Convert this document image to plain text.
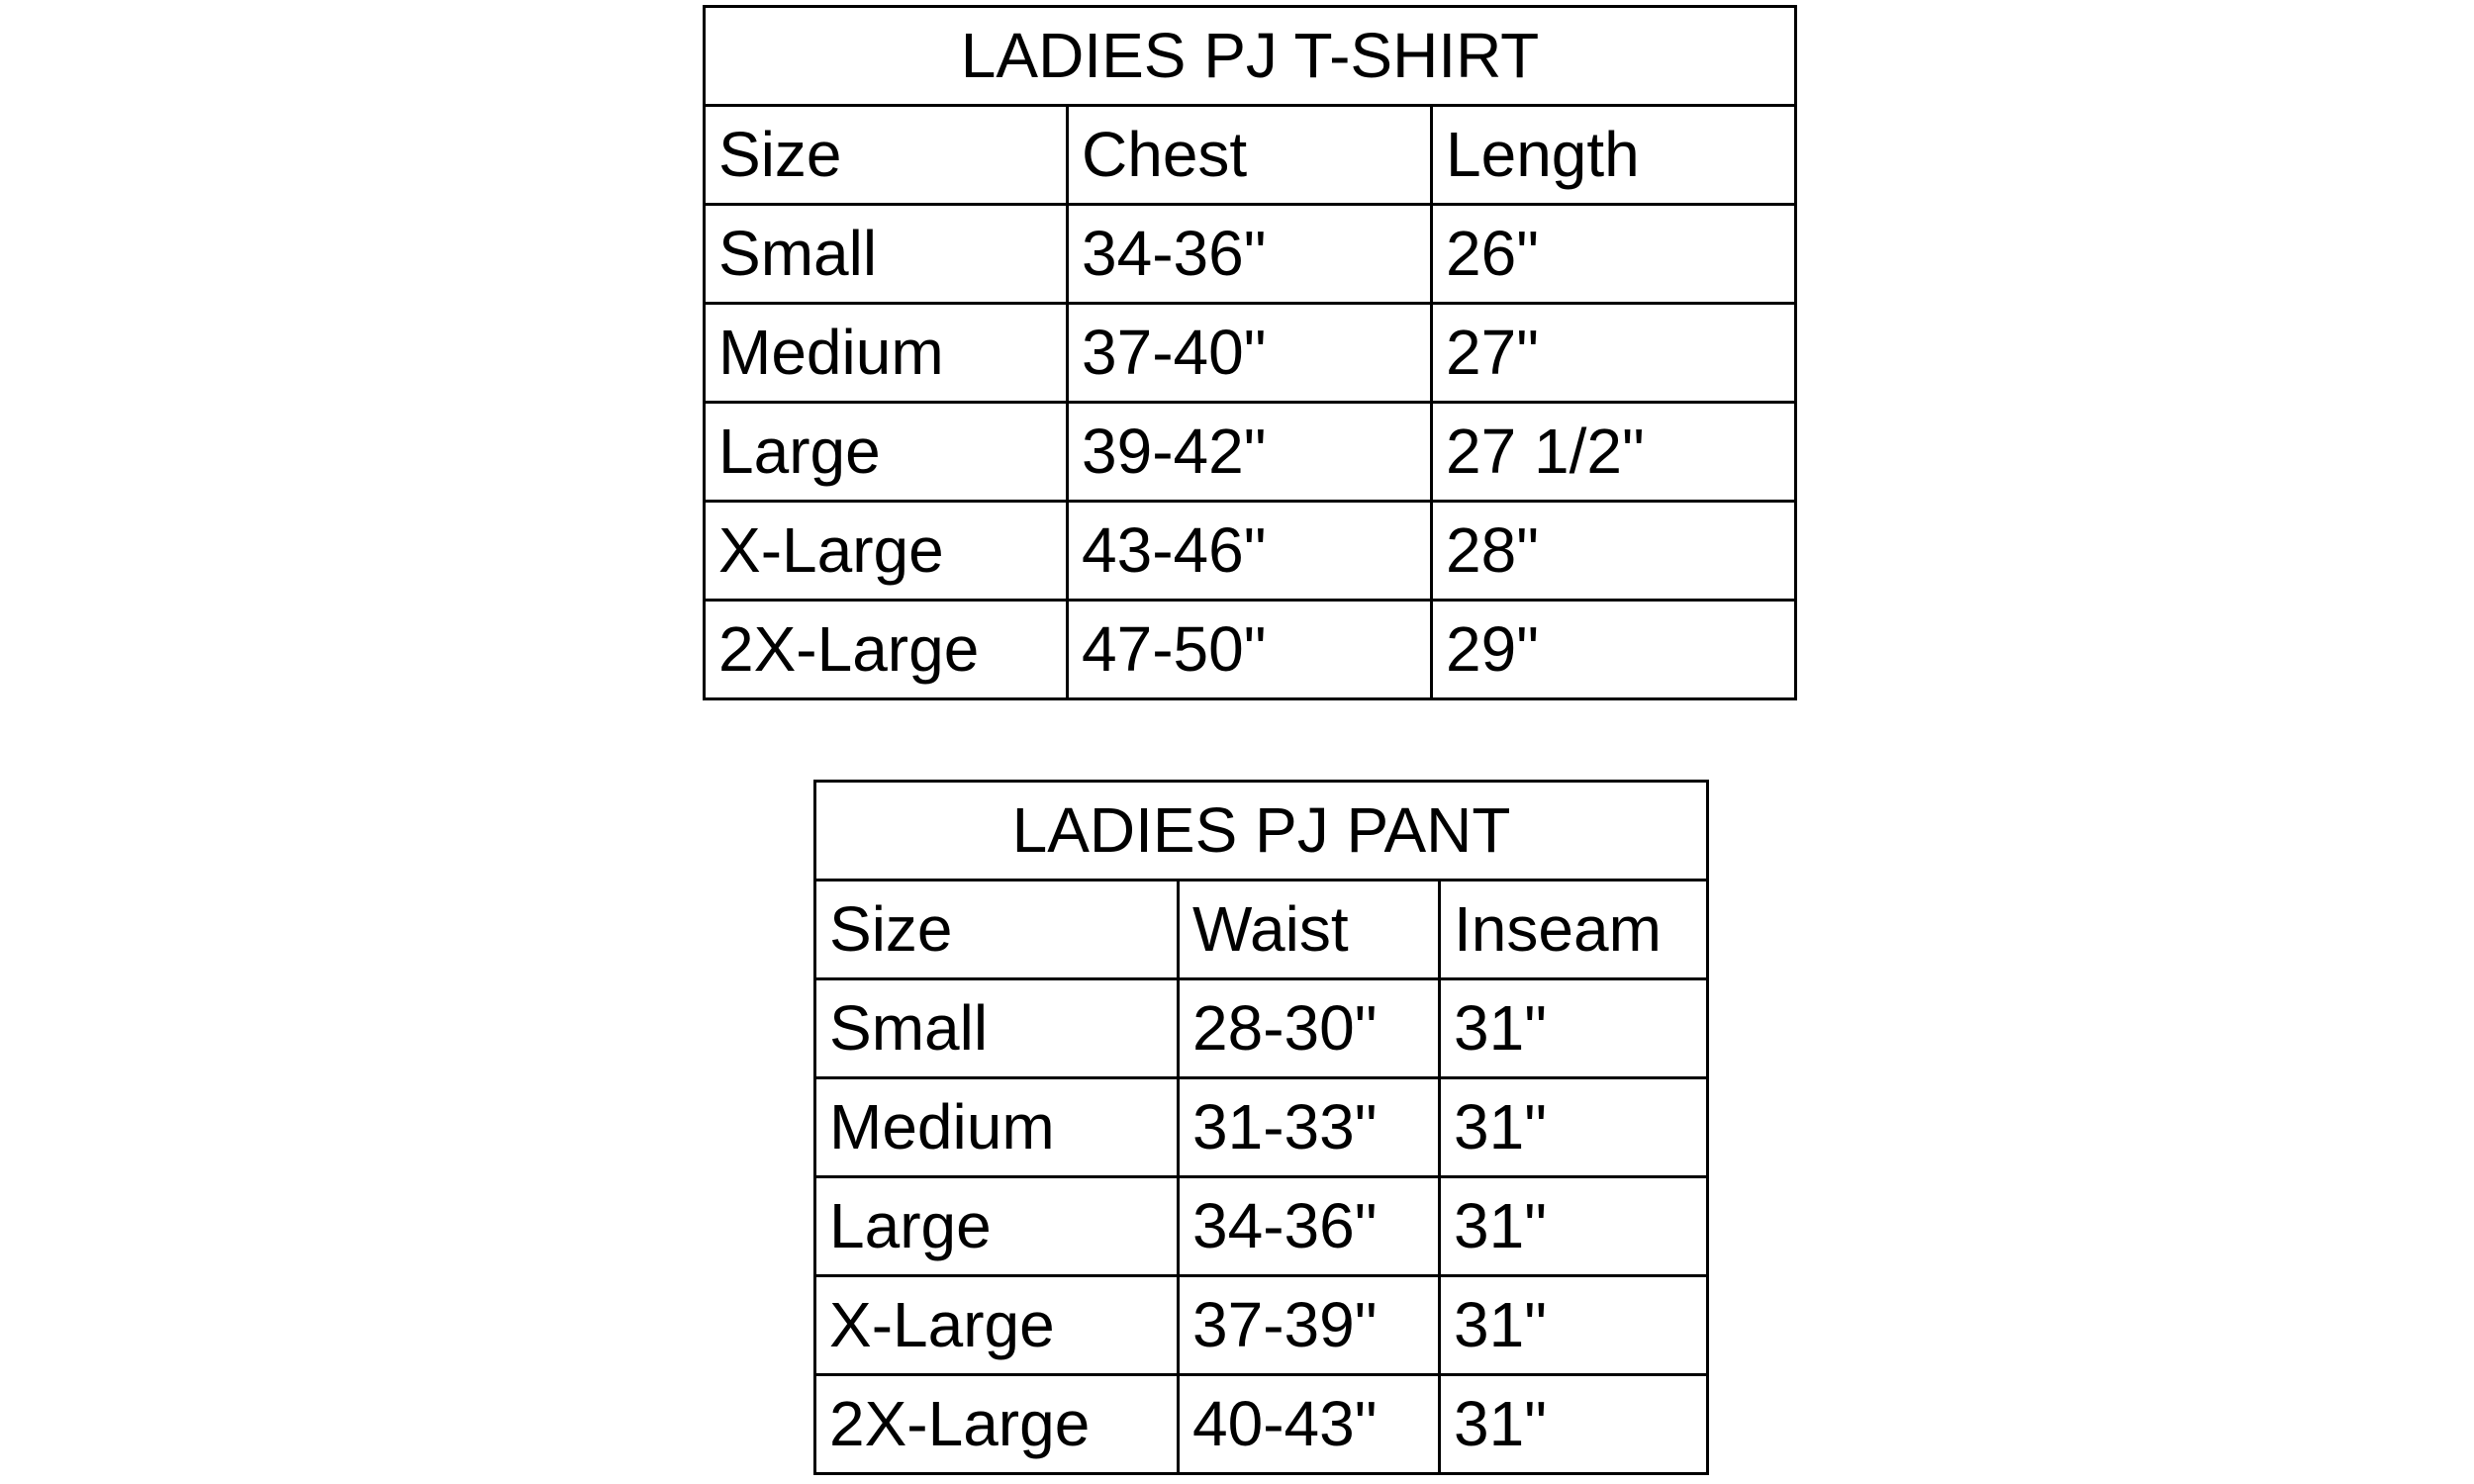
LADIES PJ T-SHIRT		
Size	Chest	Length
Small	34-36"	26"
Medium	37-40"	27"
Large	39-42"	27 1/2"
X-Large	43-46"	28"
2X-Large	47-50"	29"
LADIES PJ PANT		
Size	Waist	Inseam
Small	28-30"	31"
Medium	31-33"	31"
Large	34-36"	31"
X-Large	37-39"	31"
2X-Large	40-43"	31"
